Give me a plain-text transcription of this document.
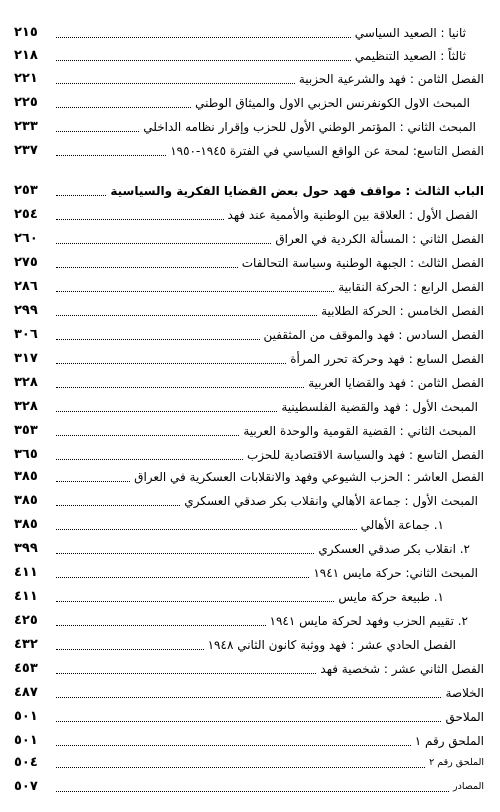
ثانيا : الصعيد السياسي
٢١٥
ثالثاً : الصعيد التنظيمي
٢١٨
الفصل الثامن : فهد والشرعية الحزبية
٢٢١
المبحث الاول الكونفرنس الحزبي الاول والميثاق الوطني
٢٢٥
المبحث الثاني : المؤتمر الوطني الأول للحزب وإقرار نظامه الداخلي
٢٣٣
الفصل التاسع: لمحة عن الواقع السياسي في الفترة ١٩٤٥-١٩٥٠
٢٣٧
الباب الثالث : مواقف فهد حول بعض القضايا الفكرية والسياسية
٢٥٣
الفصل الأول : العلاقة بين الوطنية والأممية عند فهد
٢٥٤
الفصل الثاني : المسألة الكردية في العراق
٢٦٠
الفصل الثالث : الجبهة الوطنية وسياسة التحالفات
٢٧٥
الفصل الرابع : الحركة النقابية
٢٨٦
الفصل الخامس : الحركة الطلابية
٢٩٩
الفصل السادس : فهد والموقف من المثقفين
٣٠٦
الفصل السابع : فهد وحركة تحرر المرأة
٣١٧
الفصل الثامن : فهد والقضايا العربية
٣٢٨
المبحث الأول : فهد والقضية الفلسطينية
٣٢٨
المبحث الثاني : القضية القومية والوحدة العربية
٣٥٣
الفصل التاسع : فهد والسياسة الاقتصادية للحزب
٣٦٥
الفصل العاشر : الحزب الشيوعي وفهد والانقلابات العسكرية في العراق
٣٨٥
المبحث الأول : جماعة الأهالي وانقلاب بكر صدقي العسكري
٣٨٥
١. جماعة الأهالي
٣٨٥
٢. انقلاب بكر صدقي العسكري
٣٩٩
المبحث الثاني: حركة مايس ١٩٤١
٤١١
١. طبيعة حركة مايس
٤١١
٢. تقييم الحزب وفهد لحركة مايس ١٩٤١
٤٢٥
الفصل الحادي عشر : فهد ووثبة كانون الثاني ١٩٤٨
٤٣٢
الفصل الثاني عشر : شخصية فهد
٤٥٣
الخلاصة
٤٨٧
الملاحق
٥٠١
الملحق رقم ١
٥٠١
الملحق رقم ٢
٥٠٤
المصادر
٥٠٧
